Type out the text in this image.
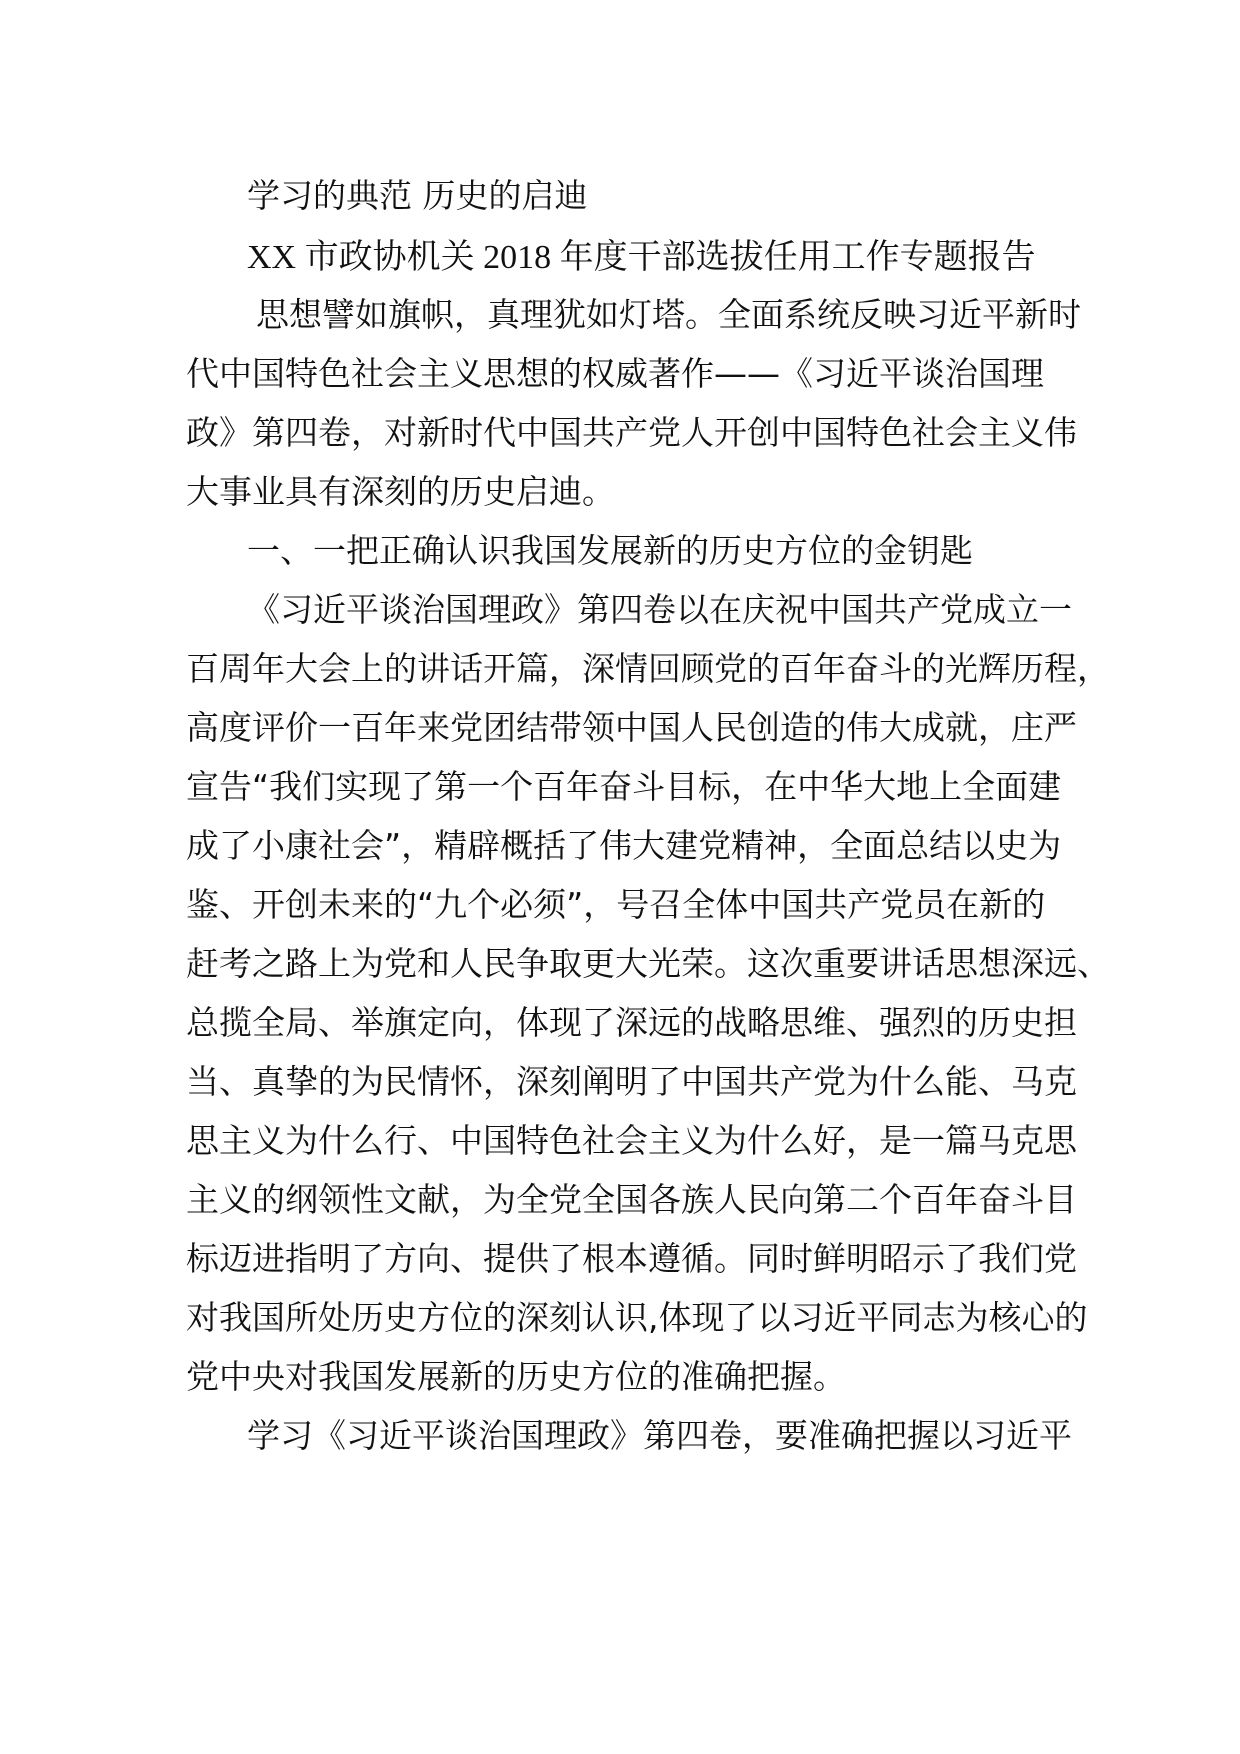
学习的典范 历史的启迪
XX 市政协机关 2018 年度干部选拔任用工作专题报告
思想譬如旗帜，真理犹如灯塔。全面系统反映习近平新时
代中国特色社会主义思想的权威著作——《习近平谈治国理
政》第四卷，对新时代中国共产党人开创中国特色社会主义伟
大事业具有深刻的历史启迪。
一、一把正确认识我国发展新的历史方位的金钥匙
《习近平谈治国理政》第四卷以在庆祝中国共产党成立一
百周年大会上的讲话开篇，深情回顾党的百年奋斗的光辉历程，
高度评价一百年来党团结带领中国人民创造的伟大成就，庄严
宣告“我们实现了第一个百年奋斗目标，在中华大地上全面建
成了小康社会”，精辟概括了伟大建党精神，全面总结以史为
鉴、开创未来的“九个必须”，号召全体中国共产党员在新的
赶考之路上为党和人民争取更大光荣。这次重要讲话思想深远、
总揽全局、举旗定向，体现了深远的战略思维、强烈的历史担
当、真挚的为民情怀，深刻阐明了中国共产党为什么能、马克
思主义为什么行、中国特色社会主义为什么好，是一篇马克思
主义的纲领性文献，为全党全国各族人民向第二个百年奋斗目
标迈进指明了方向、提供了根本遵循。同时鲜明昭示了我们党
对我国所处历史方位的深刻认识,体现了以习近平同志为核心的
党中央对我国发展新的历史方位的准确把握。
学习《习近平谈治国理政》第四卷，要准确把握以习近平
